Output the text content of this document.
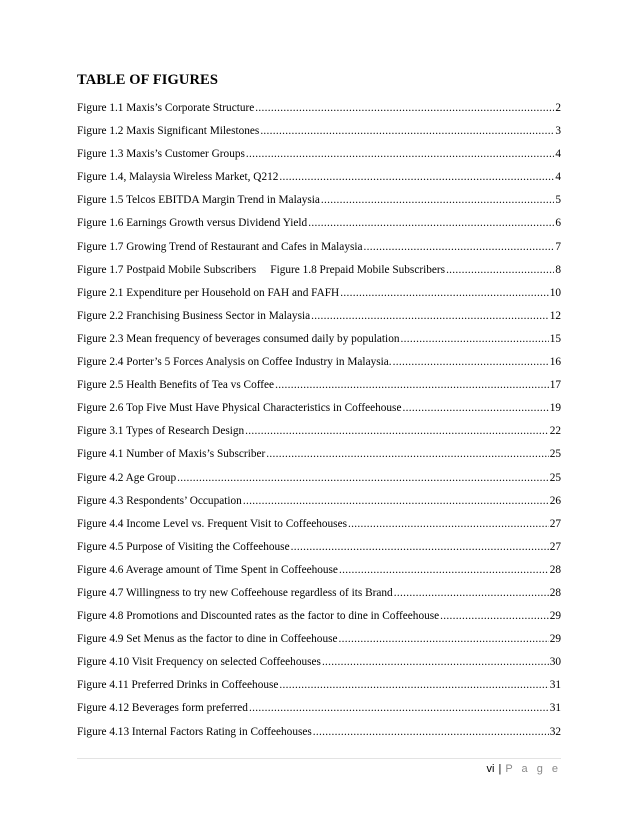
TABLE OF FIGURES
Figure 1.1 Maxis’s Corporate Structure .....	2
Figure 1.2 Maxis Significant Milestones .....	3
Figure 1.3 Maxis’s Customer Groups .....	4
Figure 1.4, Malaysia Wireless Market, Q212 .....	4
Figure 1.5 Telcos EBITDA Margin Trend in Malaysia .....	5
Figure 1.6 Earnings Growth versus Dividend Yield .....	6
Figure 1.7 Growing Trend of Restaurant and Cafes in Malaysia .....	7
Figure 1.7 Postpaid Mobile Subscribers     Figure 1.8 Prepaid Mobile Subscribers .....	8
Figure 2.1 Expenditure per Household on FAH and FAFH .....	10
Figure 2.2 Franchising Business Sector in Malaysia .....	12
Figure 2.3 Mean frequency of beverages consumed daily by population .....	15
Figure 2.4 Porter’s 5 Forces Analysis on Coffee Industry in Malaysia. .....	16
Figure 2.5 Health Benefits of Tea vs Coffee .....	17
Figure 2.6 Top Five Must Have Physical Characteristics in Coffeehouse .....	19
Figure 3.1 Types of Research Design .....	22
Figure 4.1 Number of Maxis’s Subscriber .....	25
Figure 4.2 Age Group .....	25
Figure 4.3 Respondents’ Occupation .....	26
Figure 4.4 Income Level vs. Frequent Visit to Coffeehouses .....	27
Figure 4.5 Purpose of Visiting the Coffeehouse .....	27
Figure 4.6 Average amount of Time Spent in Coffeehouse .....	28
Figure 4.7 Willingness to try new Coffeehouse regardless of its Brand .....	28
Figure 4.8 Promotions and Discounted rates as the factor to dine in Coffeehouse .....	29
Figure 4.9 Set Menus as the factor to dine in Coffeehouse .....	29
Figure 4.10 Visit Frequency on selected Coffeehouses .....	30
Figure 4.11 Preferred Drinks in Coffeehouse .....	31
Figure 4.12 Beverages form preferred .....	31
Figure 4.13 Internal Factors Rating in Coffeehouses .....	32
vi | P a g e
